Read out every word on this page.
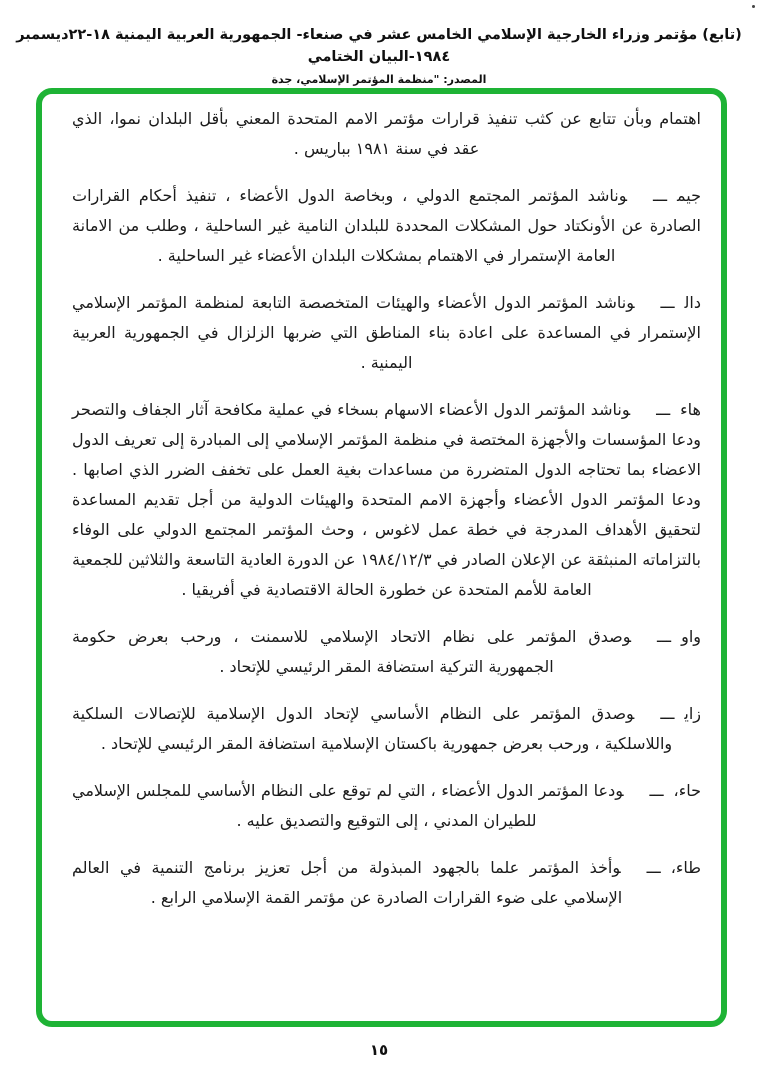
(تابع) مؤتمر وزراء الخارجية الإسلامي الخامس عشر في صنعاء- الجمهورية العربية اليمنية ١٨-٢٢ديسمبر ١٩٨٤-البيان الختامي
المصدر: "منظمة المؤتمر الإسلامي، جدة

اهتمام وبأن تتابع عن كثب تنفيذ قرارات مؤتمر الامم المتحدة المعني بأقل البلدان نموا، الذي عقد في سنة ١٩٨١ بباريس .

جيمـــوناشد المؤتمر المجتمع الدولي ، وبخاصة الدول الأعضاء ، تنفيذ أحكام القرارات الصادرة عن الأونكتاد حول المشكلات المحددة للبلدان النامية غير الساحلية ، وطلب من الامانة العامة الإستمرار في الاهتمام بمشكلات البلدان الأعضاء غير الساحلية .

دالـــوناشد المؤتمر الدول الأعضاء والهيئات المتخصصة التابعة لمنظمة المؤتمر الإسلامي الإستمرار في المساعدة على اعادة بناء المناطق التي ضربها الزلزال في الجمهورية العربية اليمنية .

هاءـــوناشد المؤتمر الدول الأعضاء الاسهام بسخاء في عملية مكافحة آثار الجفاف والتصحر ودعا المؤسسات والأجهزة المختصة في منظمة المؤتمر الإسلامي إلى المبادرة إلى تعريف الدول الاعضاء بما تحتاجه الدول المتضررة من مساعدات بغية العمل على تخفف الضرر الذي اصابها . ودعا المؤتمر الدول الأعضاء وأجهزة الامم المتحدة والهيئات الدولية من أجل تقديم المساعدة لتحقيق الأهداف المدرجة في خطة عمل لاغوس ، وحث المؤتمر المجتمع الدولي على الوفاء بالتزاماته المنبثقة عن الإعلان الصادر في ١٩٨٤/١٢/٣ عن الدورة العادية التاسعة والثلاثين للجمعية العامة للأمم المتحدة عن خطورة الحالة الاقتصادية في أفريقيا .

واوـــوصدق المؤتمر على نظام الاتحاد الإسلامي للاسمنت ، ورحب بعرض حكومة الجمهورية التركية استضافة المقر الرئيسي للإتحاد .

زايـــوصدق المؤتمر على النظام الأساسي لإتحاد الدول الإسلامية للإتصالات السلكية واللاسلكية ، ورحب بعرض جمهورية باكستان الإسلامية استضافة المقر الرئيسي للإتحاد .

حاء،ـــودعا المؤتمر الدول الأعضاء ، التي لم توقع على النظام الأساسي للمجلس الإسلامي للطيران المدني ، إلى التوقيع والتصديق عليه .

طاء،ـــوأخذ المؤتمر علما بالجهود المبذولة من أجل تعزيز برنامج التنمية في العالم الإسلامي على ضوء القرارات الصادرة عن مؤتمر القمة الإسلامي الرابع .

١٥
